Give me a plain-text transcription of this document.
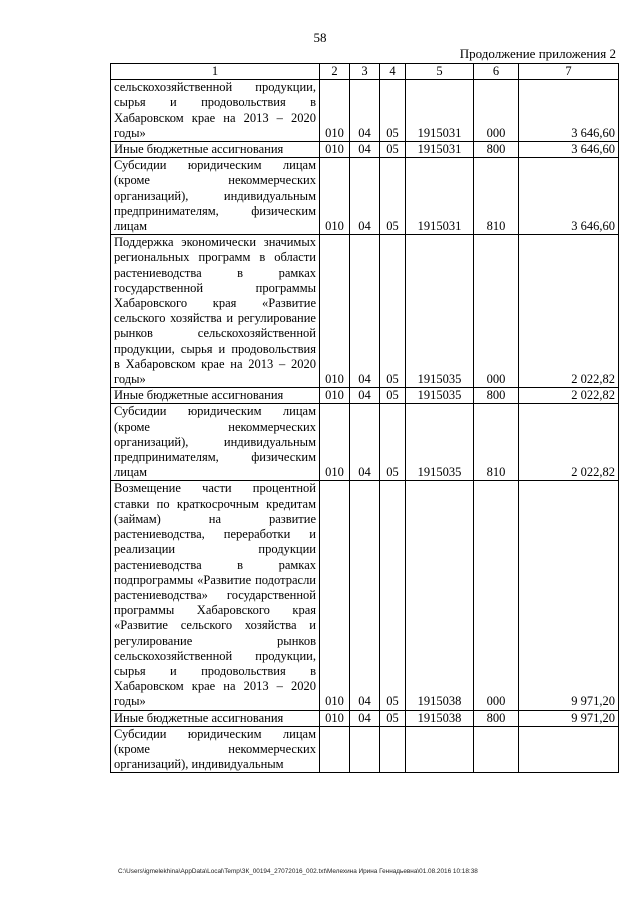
58
Продолжение приложения 2
1	2	3	4	5	6	7
сельскохозяйственной продукции, сырья и продовольствия в Хабаровском крае на 2013 – 2020 годы»	010	04	05	1915031	000	3 646,60
Иные бюджетные ассигнования	010	04	05	1915031	800	3 646,60
Субсидии юридическим лицам (кроме некоммерческих организаций), индивидуальным предпринимателям, физическим лицам	010	04	05	1915031	810	3 646,60
Поддержка экономически значимых региональных программ в области растениеводства в рамках государственной программы Хабаровского края «Развитие сельского хозяйства и регулирование рынков сельскохозяйственной продукции, сырья и продовольствия в Хабаровском крае на 2013 – 2020 годы»	010	04	05	1915035	000	2 022,82
Иные бюджетные ассигнования	010	04	05	1915035	800	2 022,82
Субсидии юридическим лицам (кроме некоммерческих организаций), индивидуальным предпринимателям, физическим лицам	010	04	05	1915035	810	2 022,82
Возмещение части процентной ставки по краткосрочным кредитам (займам) на развитие растениеводства, переработки и реализации продукции растениеводства в рамках подпрограммы «Развитие подотрасли растениеводства» государственной программы Хабаровского края «Развитие сельского хозяйства и регулирование рынков сельскохозяйственной продукции, сырья и продовольствия в Хабаровском крае на 2013 – 2020 годы»	010	04	05	1915038	000	9 971,20
Иные бюджетные ассигнования	010	04	05	1915038	800	9 971,20
Субсидии юридическим лицам (кроме некоммерческих организаций), индивидуальным						
C:\Users\igmelekhina\AppData\Local\Temp\ЗК_00194_27072016_002.txt\Мелехина Ирина Геннадьевна\01.08.2016 10:18:38
